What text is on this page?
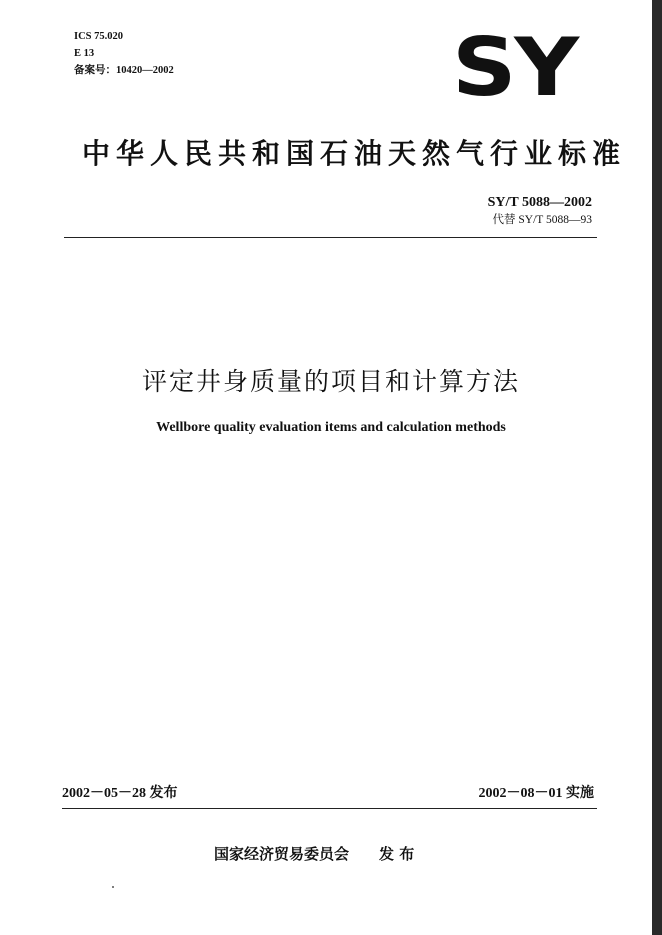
ICS 75.020
E 13
备案号：10420—2002	SY
中华人民共和国石油天然气行业标准
SY/T 5088—2002
代替 SY/T 5088—93
评定井身质量的项目和计算方法
Wellbore quality evaluation items and calculation methods
2002－05－28 发布	2002－08－01 实施
国家经济贸易委员会 发 布
